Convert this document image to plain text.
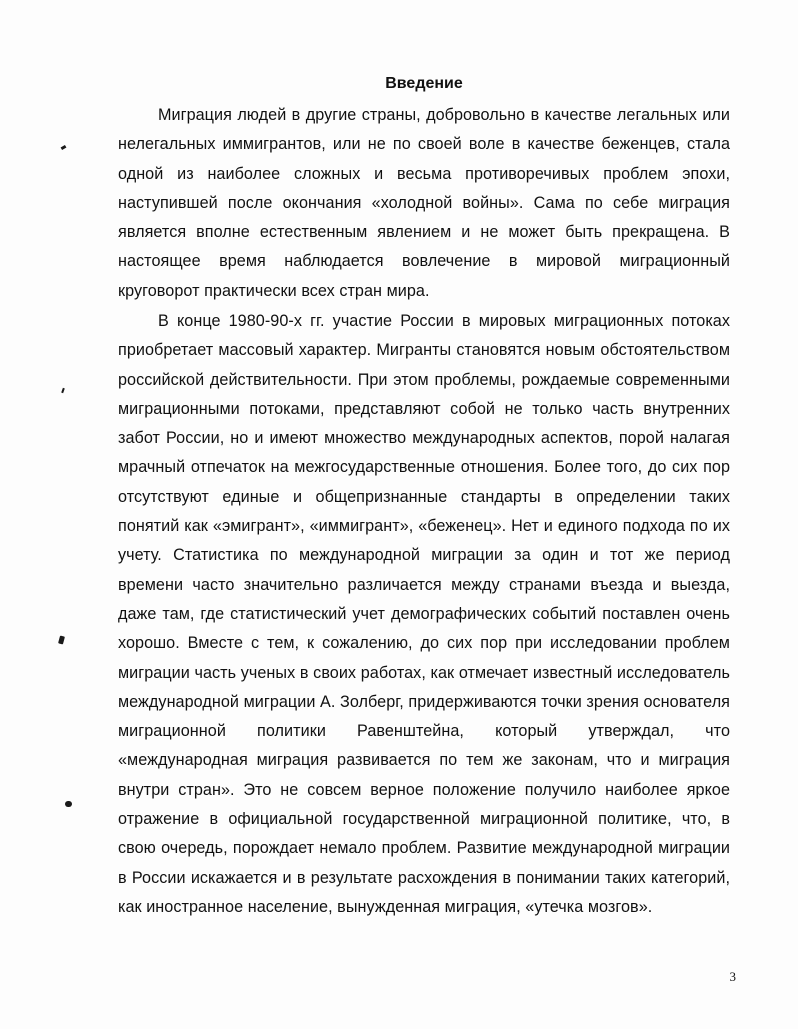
Введение

Миграция людей в другие страны, добровольно в качестве легальных или нелегальных иммигрантов, или не по своей воле в качестве беженцев, стала одной из наиболее сложных и весьма противоречивых проблем эпохи, наступившей после окончания «холодной войны». Сама по себе миграция является вполне естественным явлением и не может быть прекращена. В настоящее время наблюдается вовлечение в мировой миграционный круговорот практически всех стран мира.

В конце 1980-90-х гг. участие России в мировых миграционных потоках приобретает массовый характер. Мигранты становятся новым обстоятельством российской действительности. При этом проблемы, рождаемые современными миграционными потоками, представляют собой не только часть внутренних забот России, но и имеют множество международных аспектов, порой налагая мрачный отпечаток на межгосударственные отношения. Более того, до сих пор отсутствуют единые и общепризнанные стандарты в определении таких понятий как «эмигрант», «иммигрант», «беженец». Нет и единого подхода по их учету. Статистика по международной миграции за один и тот же период времени часто значительно различается между странами въезда и выезда, даже там, где статистический учет демографических событий поставлен очень хорошо. Вместе с тем, к сожалению, до сих пор при исследовании проблем миграции часть ученых в своих работах, как отмечает известный исследователь международной миграции А. Золберг, придерживаются точки зрения основателя миграционной политики Равенштейна, который утверждал, что «международная миграция развивается по тем же законам, что и миграция внутри стран». Это не совсем верное положение получило наиболее яркое отражение в официальной государственной миграционной политике, что, в свою очередь, порождает немало проблем. Развитие международной миграции в России искажается и в результате расхождения в понимании таких категорий, как иностранное население, вынужденная миграция, «утечка мозгов».

3
